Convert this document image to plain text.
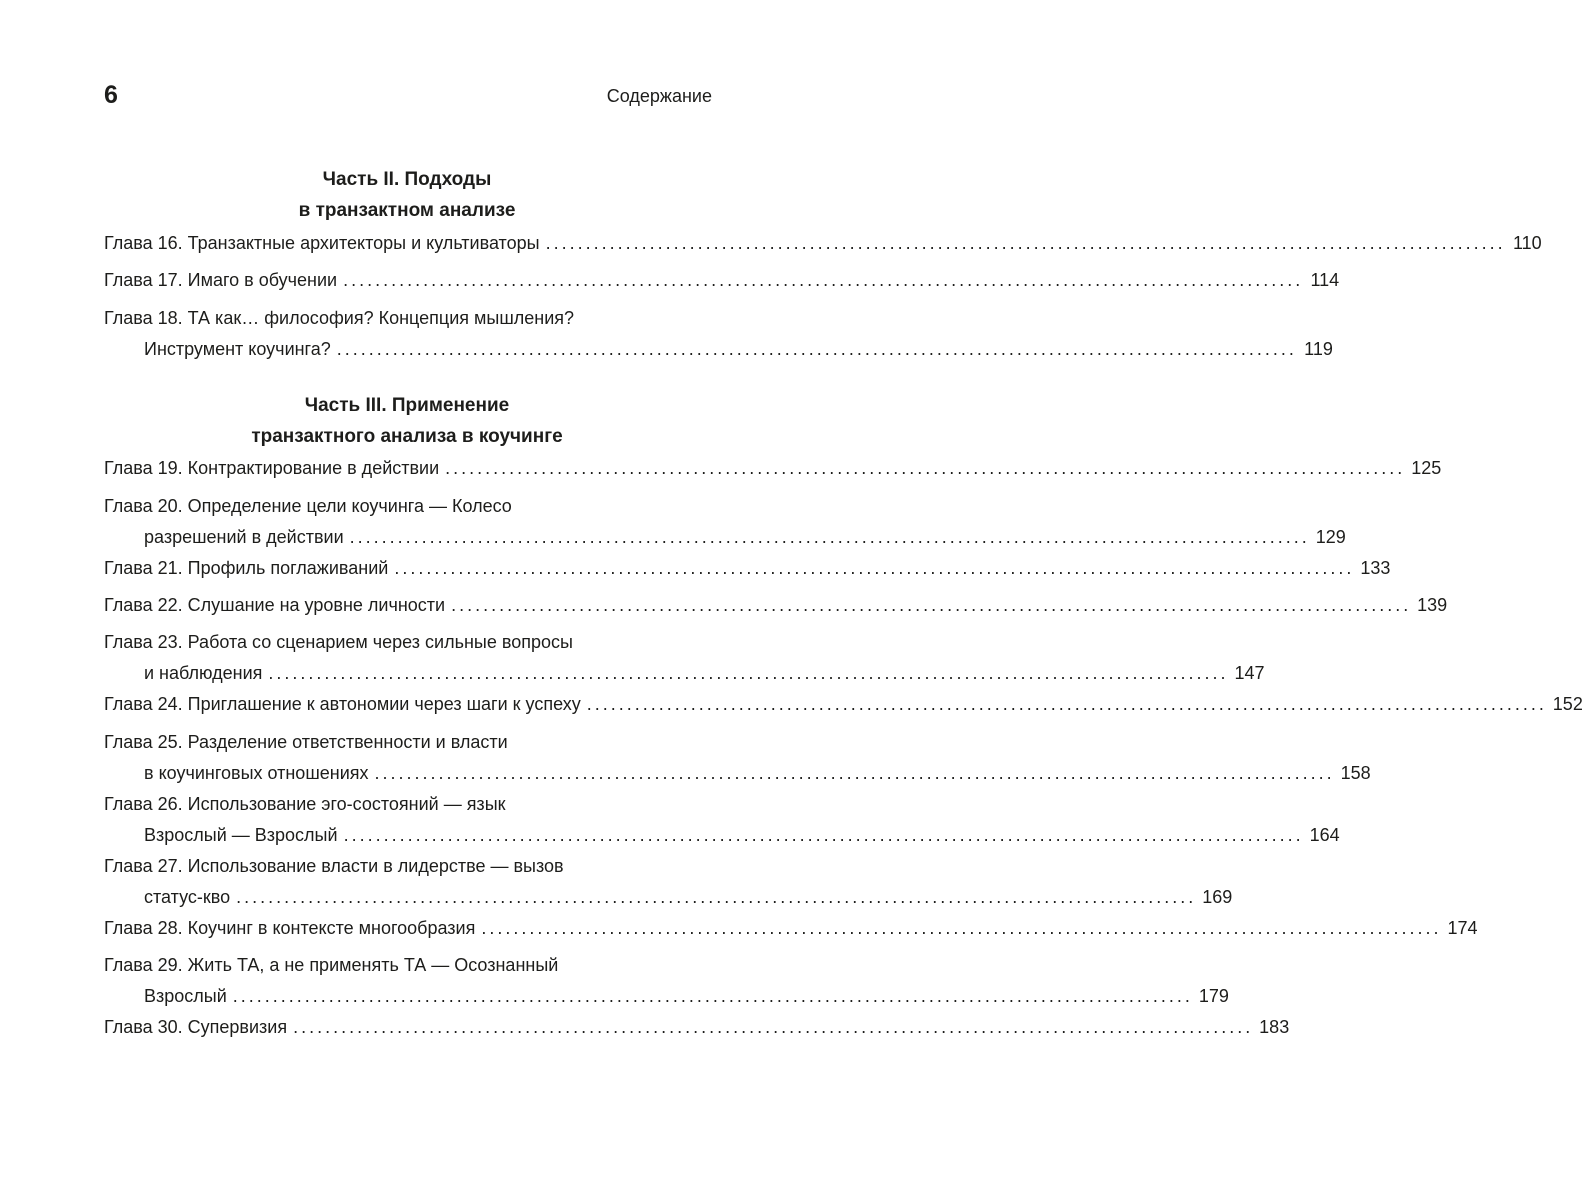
6	Содержание
Часть II. Подходы
в транзактном анализе
Глава 16. Транзактные архитекторы и культиваторы ........................................................................................................................ 110
Глава 17. Имаго в обучении ........................................................................................................................ 114
Глава 18. ТА как… философия? Концепция мышления?
Инструмент коучинга? ........................................................................................................................ 119
Часть III. Применение
транзактного анализа в коучинге
Глава 19. Контрактирование в действии ........................................................................................................................ 125
Глава 20. Определение цели коучинга — Колесо
разрешений в действии ........................................................................................................................ 129
Глава 21. Профиль поглаживаний ........................................................................................................................ 133
Глава 22. Слушание на уровне личности ........................................................................................................................ 139
Глава 23. Работа со сценарием через сильные вопросы
и наблюдения ........................................................................................................................ 147
Глава 24. Приглашение к автономии через шаги к успеху ........................................................................................................................ 152
Глава 25. Разделение ответственности и власти
в коучинговых отношениях ........................................................................................................................ 158
Глава 26. Использование эго-состояний — язык
Взрослый — Взрослый ........................................................................................................................ 164
Глава 27. Использование власти в лидерстве — вызов
статус-кво ........................................................................................................................ 169
Глава 28. Коучинг в контексте многообразия ........................................................................................................................ 174
Глава 29. Жить ТА, а не применять ТА — Осознанный
Взрослый ........................................................................................................................ 179
Глава 30. Супервизия ........................................................................................................................ 183
